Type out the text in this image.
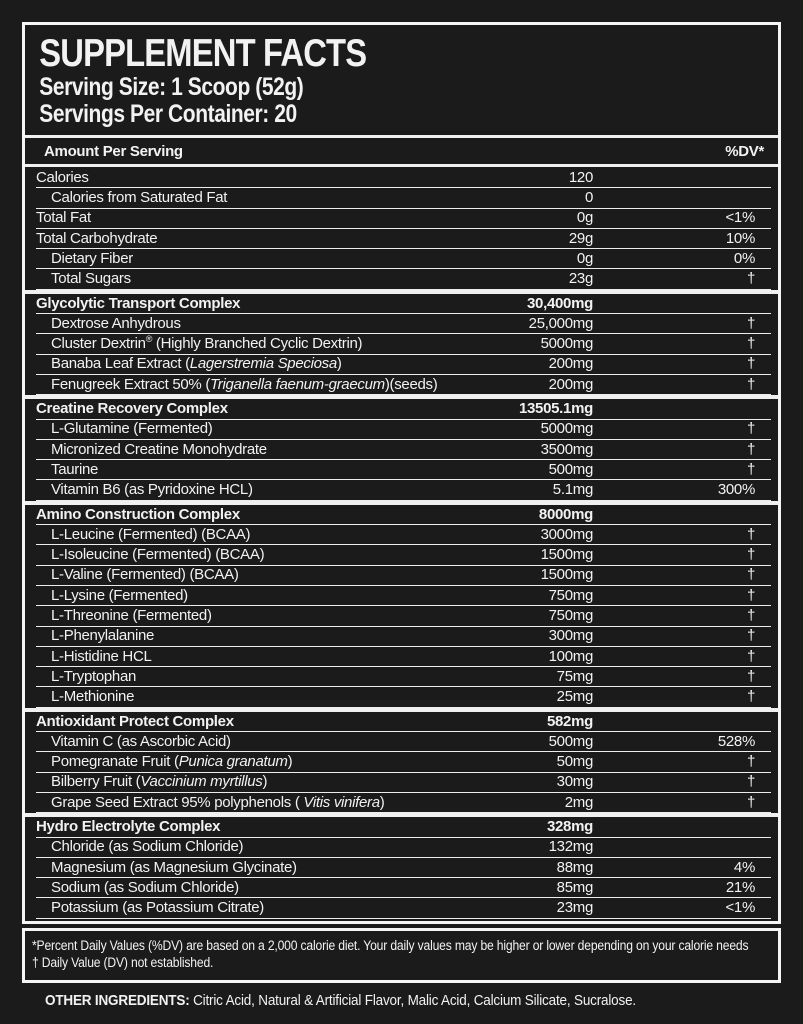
SUPPLEMENT FACTS
Serving Size: 1 Scoop (52g)
Servings Per Container: 20
Amount Per Serving	%DV*
Calories	120
Calories from Saturated Fat	0
Total Fat	0g	<1%
Total Carbohydrate	29g	10%
Dietary Fiber	0g	0%
Total Sugars	23g	†
Glycolytic Transport Complex	30,400mg
Dextrose Anhydrous	25,000mg	†
Cluster Dextrin® (Highly Branched Cyclic Dextrin)	5000mg	†
Banaba Leaf Extract (Lagerstremia Speciosa)	200mg	†
Fenugreek Extract 50% (Triganella faenum-graecum)(seeds)	200mg	†
Creatine Recovery Complex	13505.1mg
L-Glutamine (Fermented)	5000mg	†
Micronized Creatine Monohydrate	3500mg	†
Taurine	500mg	†
Vitamin B6 (as Pyridoxine HCL)	5.1mg	300%
Amino Construction Complex	8000mg
L-Leucine (Fermented) (BCAA)	3000mg	†
L-Isoleucine (Fermented) (BCAA)	1500mg	†
L-Valine (Fermented) (BCAA)	1500mg	†
L-Lysine (Fermented)	750mg	†
L-Threonine (Fermented)	750mg	†
L-Phenylalanine	300mg	†
L-Histidine HCL	100mg	†
L-Tryptophan	75mg	†
L-Methionine	25mg	†
Antioxidant Protect Complex	582mg
Vitamin C (as Ascorbic Acid)	500mg	528%
Pomegranate Fruit (Punica granatum)	50mg	†
Bilberry Fruit (Vaccinium myrtillus)	30mg	†
Grape Seed Extract 95% polyphenols ( Vitis vinifera)	2mg	†
Hydro Electrolyte Complex	328mg
Chloride (as Sodium Chloride)	132mg
Magnesium (as Magnesium Glycinate)	88mg	4%
Sodium (as Sodium Chloride)	85mg	21%
Potassium (as Potassium Citrate)	23mg	<1%
*Percent Daily Values (%DV) are based on a 2,000 calorie diet. Your daily values may be higher or lower depending on your calorie needs
† Daily Value (DV) not established.
OTHER INGREDIENTS: Citric Acid, Natural & Artificial Flavor, Malic Acid, Calcium Silicate, Sucralose.
